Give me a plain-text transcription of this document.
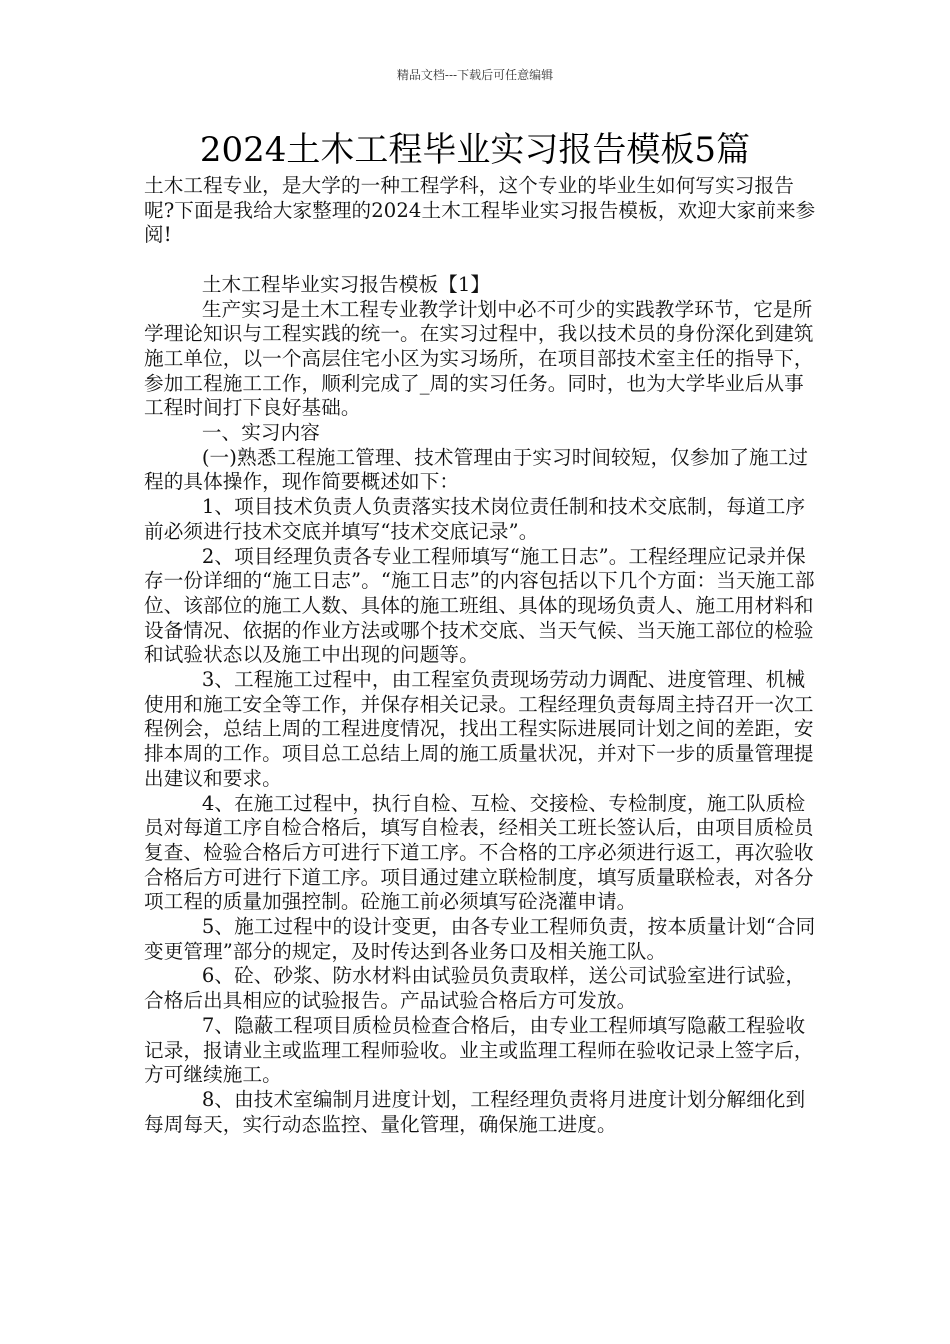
精品文档---下载后可任意编辑
2024土木工程毕业实习报告模板5篇

土木工程专业，是大学的一种工程学科，这个专业的毕业生如何写实习报告呢?下面是我给大家整理的2024土木工程毕业实习报告模板，欢迎大家前来参阅!

土木工程毕业实习报告模板【1】

生产实习是土木工程专业教学计划中必不可少的实践教学环节，它是所学理论知识与工程实践的统一。在实习过程中，我以技术员的身份深化到建筑施工单位，以一个高层住宅小区为实习场所，在项目部技术室主任的指导下，参加工程施工工作，顺利完成了_周的实习任务。同时，也为大学毕业后从事工程时间打下良好基础。

一、实习内容

(一)熟悉工程施工管理、技术管理由于实习时间较短，仅参加了施工过程的具体操作，现作简要概述如下：

1、项目技术负责人负责落实技术岗位责任制和技术交底制，每道工序前必须进行技术交底并填写“技术交底记录”。

2、项目经理负责各专业工程师填写“施工日志”。工程经理应记录并保存一份详细的“施工日志”。“施工日志”的内容包括以下几个方面：当天施工部位、该部位的施工人数、具体的施工班组、具体的现场负责人、施工用材料和设备情况、依据的作业方法或哪个技术交底、当天气候、当天施工部位的检验和试验状态以及施工中出现的问题等。

3、工程施工过程中，由工程室负责现场劳动力调配、进度管理、机械使用和施工安全等工作，并保存相关记录。工程经理负责每周主持召开一次工程例会，总结上周的工程进度情况，找出工程实际进展同计划之间的差距，安排本周的工作。项目总工总结上周的施工质量状况，并对下一步的质量管理提出建议和要求。

4、在施工过程中，执行自检、互检、交接检、专检制度，施工队质检员对每道工序自检合格后，填写自检表，经相关工班长签认后，由项目质检员复查、检验合格后方可进行下道工序。不合格的工序必须进行返工，再次验收合格后方可进行下道工序。项目通过建立联检制度，填写质量联检表，对各分项工程的质量加强控制。砼施工前必须填写砼浇灌申请。

5、施工过程中的设计变更，由各专业工程师负责，按本质量计划“合同变更管理”部分的规定，及时传达到各业务口及相关施工队。

6、砼、砂浆、防水材料由试验员负责取样，送公司试验室进行试验，合格后出具相应的试验报告。产品试验合格后方可发放。

7、隐蔽工程项目质检员检查合格后，由专业工程师填写隐蔽工程验收记录，报请业主或监理工程师验收。业主或监理工程师在验收记录上签字后，方可继续施工。

8、由技术室编制月进度计划，工程经理负责将月进度计划分解细化到每周每天，实行动态监控、量化管理，确保施工进度。
